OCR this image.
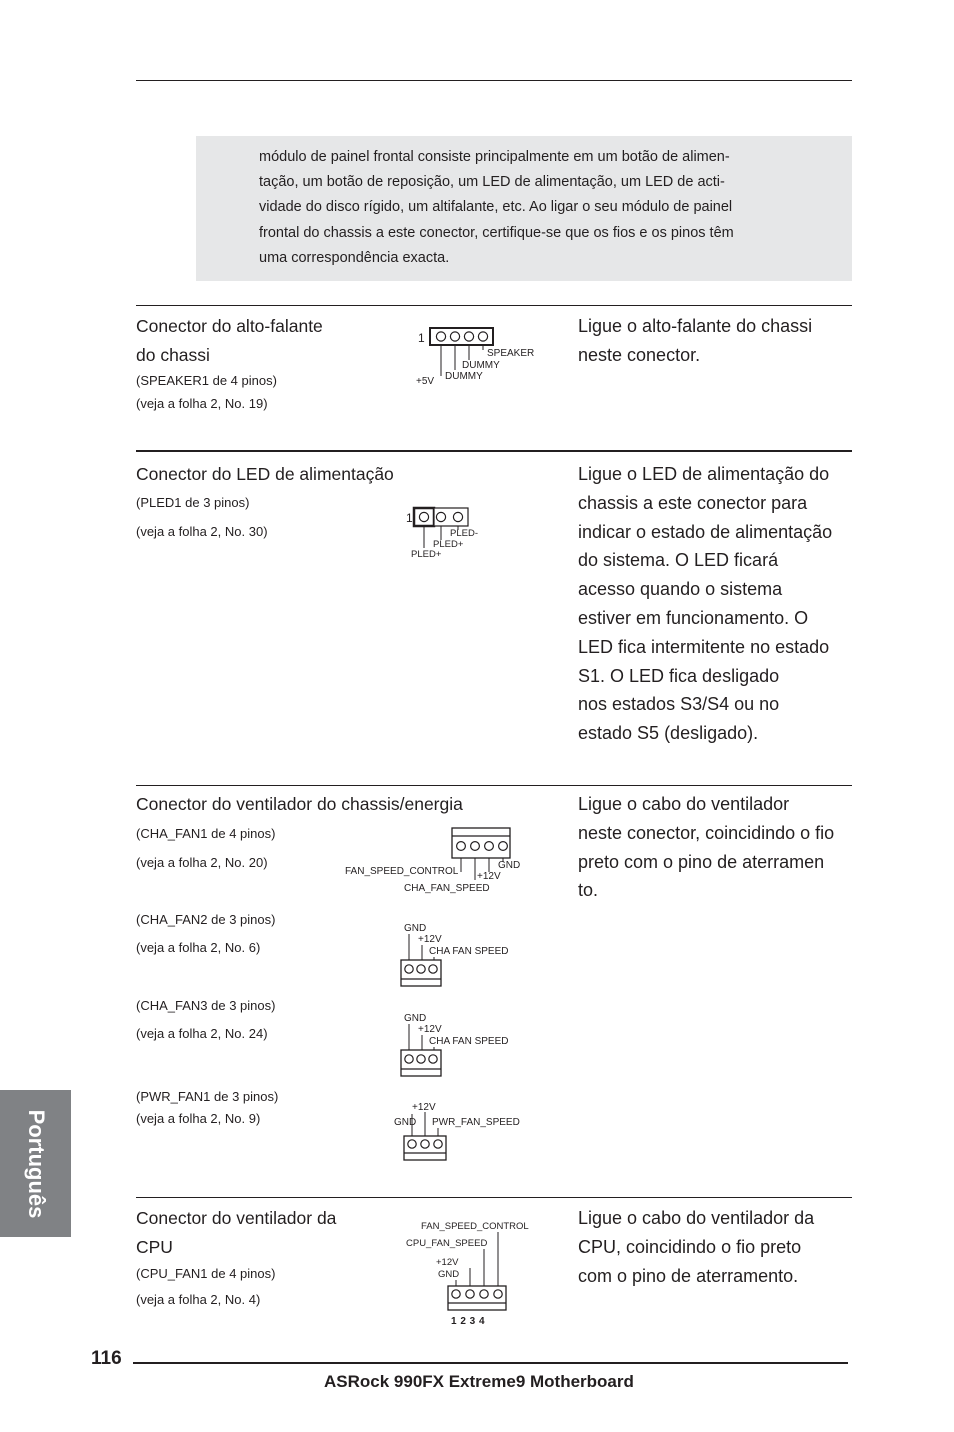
módulo de painel frontal consiste principalmente em um botão de alimen-
tação, um botão de reposição, um LED de alimentação, um LED de acti-
vidade do disco rígido, um altifalante, etc. Ao ligar o seu módulo de painel
frontal do chassis a este conector, certifique-se que os fios e os pinos têm
uma correspondência exacta.
Conector do alto-falante
do chassi
(SPEAKER1 de 4 pinos)
(veja a folha 2, No. 19)
1
SPEAKER
DUMMY
DUMMY
+5V
Ligue o alto-falante do chassi
neste conector.
Conector do LED de alimentação
(PLED1 de 3 pinos)
(veja a folha 2, No. 30)
1
PLED-
PLED+
PLED+
Ligue o LED de alimentação do
chassis a este conector para
indicar o estado de alimentação
do sistema. O LED ficará
acesso quando o sistema
estiver em funcionamento. O
LED fica intermitente no estado
S1. O LED fica desligado
nos estados S3/S4 ou no
estado S5 (desligado).
Conector do ventilador do chassis/energia	Ligue o cabo do ventilador
neste conector, coincidindo o fio
preto com o pino de aterramen
to.
(CHA_FAN1 de 4 pinos)
(veja a folha 2, No. 20)	GND
+12V
FAN_SPEED_CONTROL
CHA_FAN_SPEED
(CHA_FAN2 de 3 pinos)
(veja a folha 2, No. 6)
GND
+12V
CHA FAN SPEED
(CHA_FAN3 de 3 pinos)
(veja a folha 2, No. 24)
GND
+12V
CHA FAN SPEED
(PWR_FAN1 de 3 pinos)
(veja a folha 2, No. 9)
+12V
GND PWR_FAN_SPEED
Conector do ventilador da
CPU
(CPU_FAN1 de 4 pinos)
(veja a folha 2, No. 4)
FAN_SPEED_CONTROL
CPU_FAN_SPEED
+12V
GND
1 2 3 4
Ligue o cabo do ventilador da
CPU, coincidindo o fio preto
com o pino de aterramento.
Português
116
ASRock 990FX Extreme9 Motherboard
